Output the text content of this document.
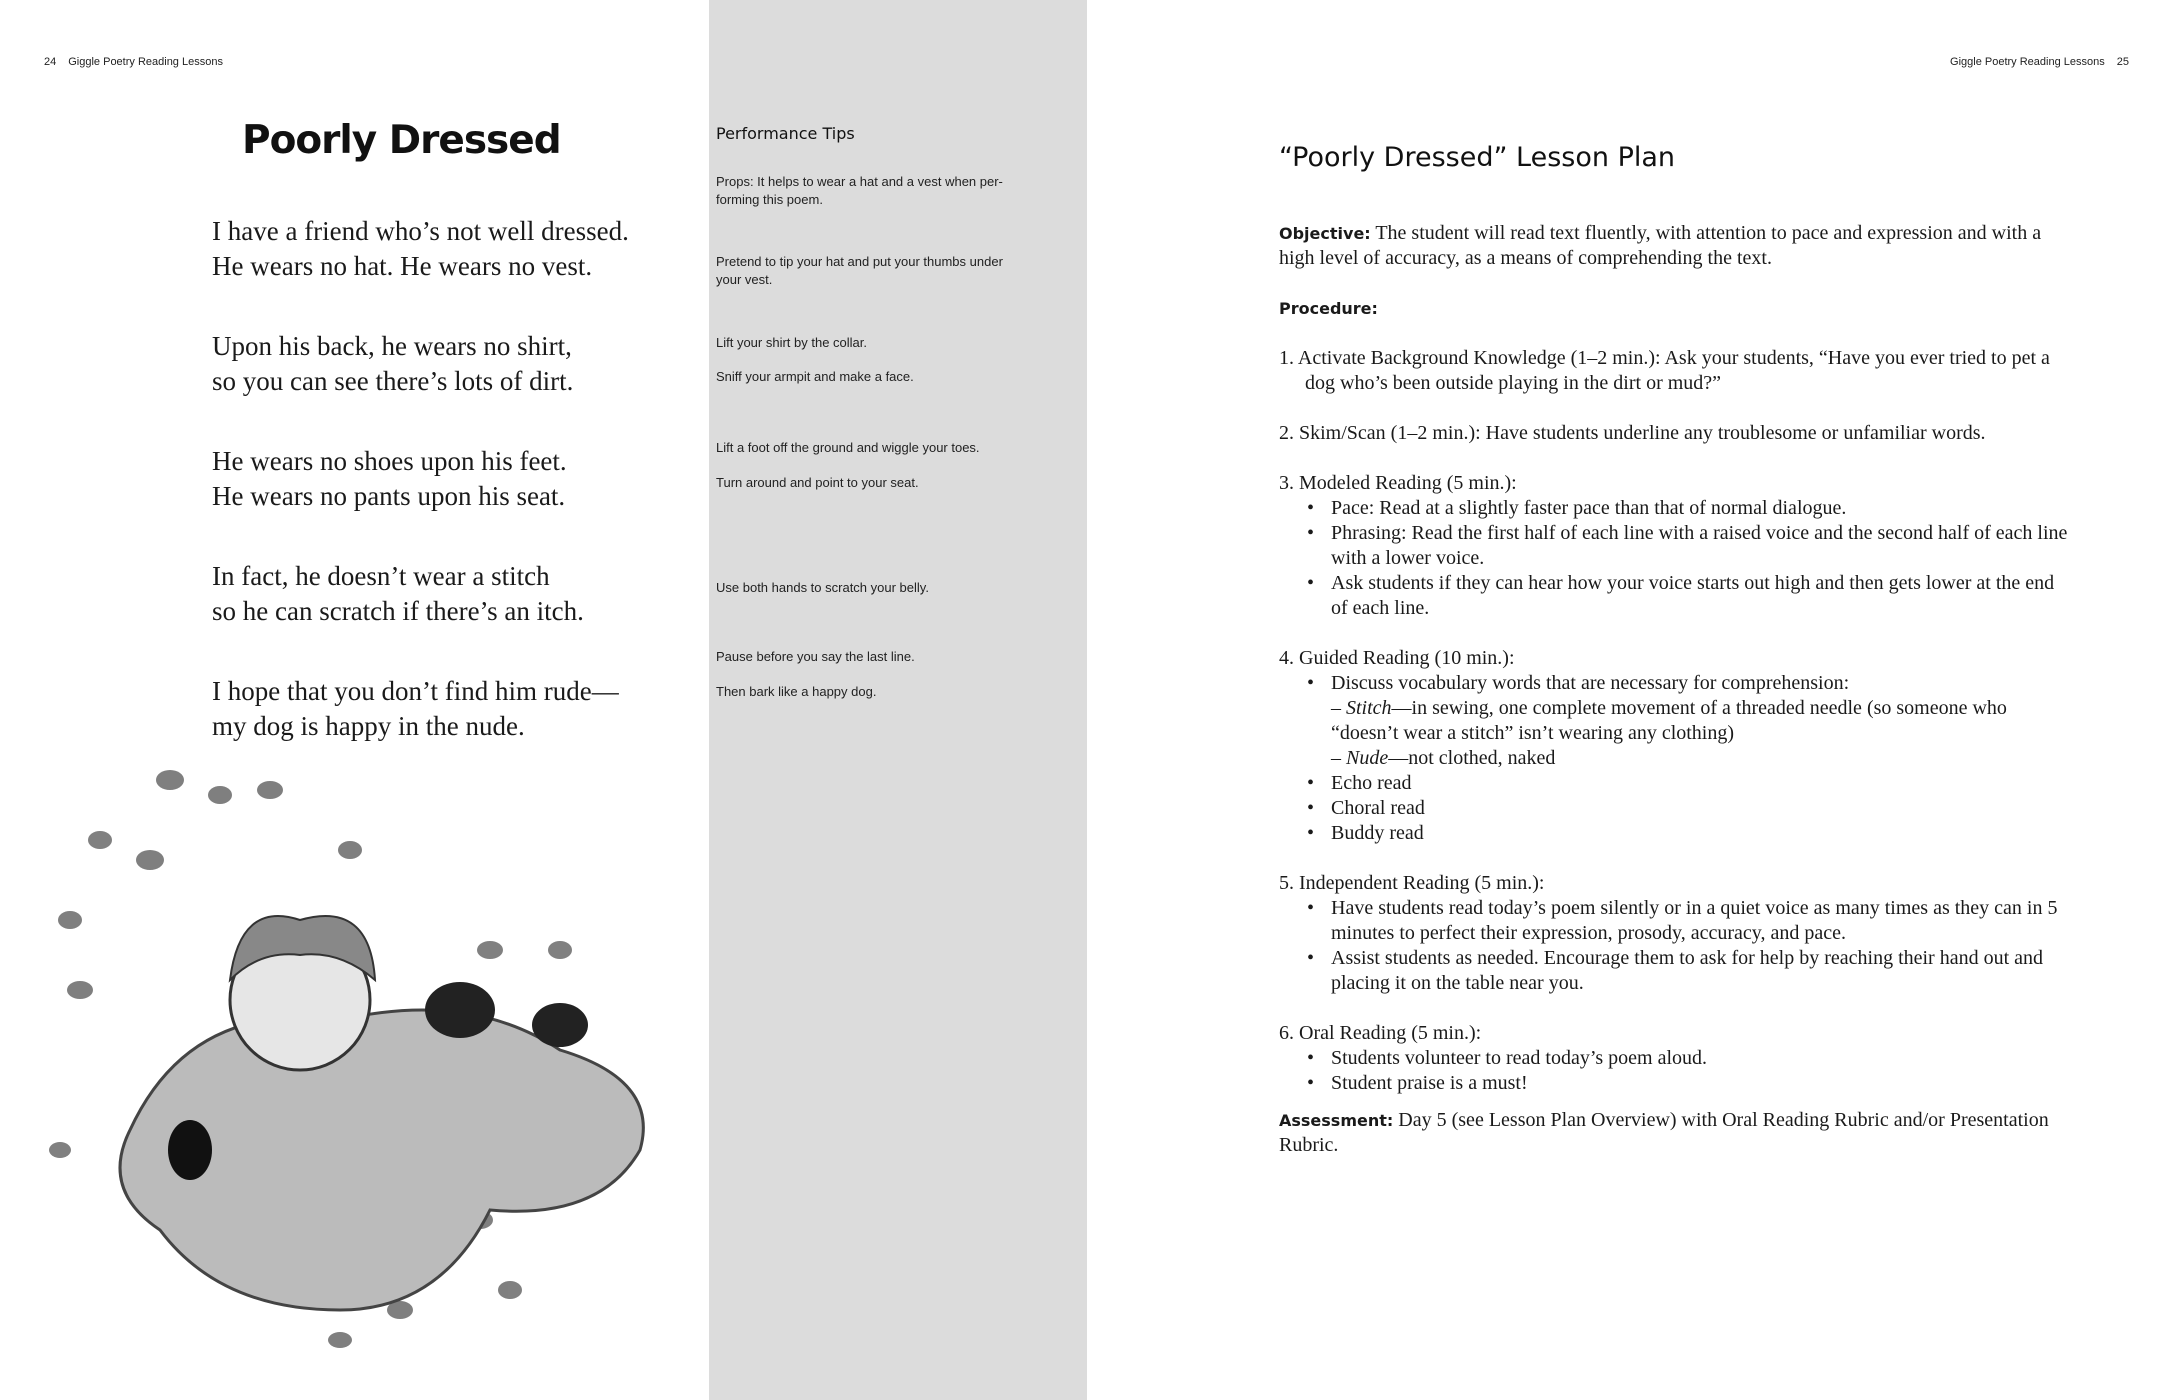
24 Giggle Poetry Reading Lessons	Giggle Poetry Reading Lessons 25
Poorly Dressed
I have a friend who’s not well dressed.
He wears no hat. He wears no vest.
Upon his back, he wears no shirt,
so you can see there’s lots of dirt.
He wears no shoes upon his feet.
He wears no pants upon his seat.
In fact, he doesn’t wear a stitch
so he can scratch if there’s an itch.
I hope that you don’t find him rude—
my dog is happy in the nude.
Performance Tips
Props: It helps to wear a hat and a vest when per-
forming this poem.
Pretend to tip your hat and put your thumbs under
your vest.
Lift your shirt by the collar.
Sniff your armpit and make a face.
Lift a foot off the ground and wiggle your toes.
Turn around and point to your seat.
Use both hands to scratch your belly.
Pause before you say the last line.
Then bark like a happy dog.
“Poorly Dressed” Lesson Plan

Objective: The student will read text fluently, with attention to pace and expression and with a high level of accuracy, as a means of comprehending the text.

Procedure:

1. Activate Background Knowledge (1–2 min.): Ask your students, “Have you ever tried to pet a dog who’s been outside playing in the dirt or mud?”
2. Skim/Scan (1–2 min.): Have students underline any troublesome or unfamiliar words.
3. Modeled Reading (5 min.):
• Pace: Read at a slightly faster pace than that of normal dialogue.
• Phrasing: Read the first half of each line with a raised voice and the second half of each line with a lower voice.
• Ask students if they can hear how your voice starts out high and then gets lower at the end of each line.
4. Guided Reading (10 min.):
• Discuss vocabulary words that are necessary for comprehension:
– Stitch—in sewing, one complete movement of a threaded needle (so someone who “doesn’t wear a stitch” isn’t wearing any clothing)
– Nude—not clothed, naked
• Echo read
• Choral read
• Buddy read
5. Independent Reading (5 min.):
• Have students read today’s poem silently or in a quiet voice as many times as they can in 5 minutes to perfect their expression, prosody, accuracy, and pace.
• Assist students as needed. Encourage them to ask for help by reaching their hand out and placing it on the table near you.
6. Oral Reading (5 min.):
• Students volunteer to read today’s poem aloud.
• Student praise is a must!

Assessment: Day 5 (see Lesson Plan Overview) with Oral Reading Rubric and/or Presentation Rubric.
